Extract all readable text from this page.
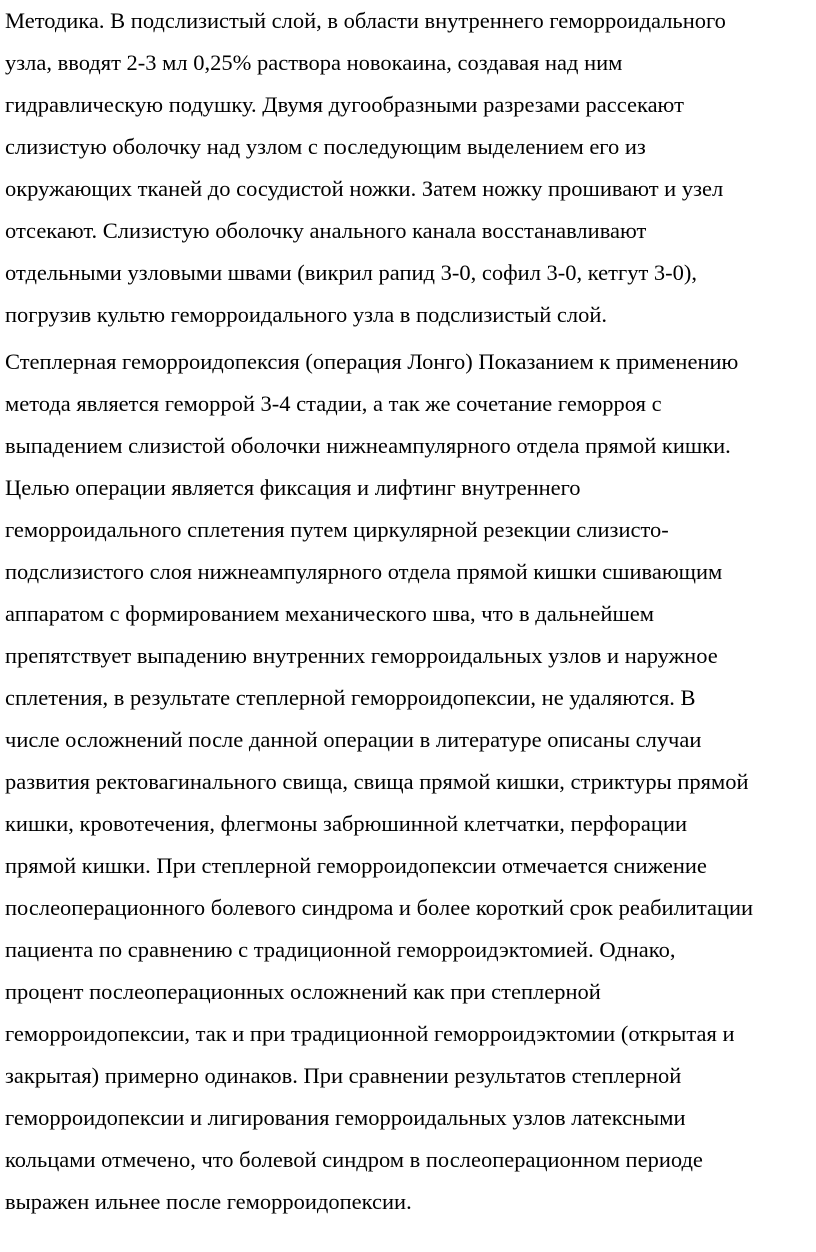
Методика. В подслизистый слой, в области внутреннего геморроидального
узла, вводят 2-3 мл 0,25% раствора новокаина, создавая над ним
гидравлическую подушку. Двумя дугообразными разрезами рассекают
слизистую оболочку над узлом с последующим выделением его из
окружающих тканей до сосудистой ножки. Затем ножку прошивают и узел
отсекают. Слизистую оболочку анального канала восстанавливают
отдельными узловыми швами (викрил рапид 3-0, софил 3-0, кетгут 3-0),
погрузив культю геморроидального узла в подслизистый слой.
Степлерная геморроидопексия (операция Лонго) Показанием к применению
метода является геморрой 3-4 стадии, а так же сочетание геморроя с
выпадением слизистой оболочки нижнеампулярного отдела прямой кишки.
Целью операции является фиксация и лифтинг внутреннего
геморроидального сплетения путем циркулярной резекции слизисто-
подслизистого слоя нижнеампулярного отдела прямой кишки сшивающим
аппаратом с формированием механического шва, что в дальнейшем
препятствует выпадению внутренних геморроидальных узлов и наружное
сплетения, в результате степлерной геморроидопексии, не удаляются. В
числе осложнений после данной операции в литературе описаны случаи
развития ректовагинального свища, свища прямой кишки, стриктуры прямой
кишки, кровотечения, флегмоны забрюшинной клетчатки, перфорации
прямой кишки. При степлерной геморроидопексии отмечается снижение
послеоперационного болевого синдрома и более короткий срок реабилитации
пациента по сравнению с традиционной геморроидэктомией. Однако,
процент послеоперационных осложнений как при степлерной
геморроидопексии, так и при традиционной геморроидэктомии (открытая и
закрытая) примерно одинаков. При сравнении результатов степлерной
геморроидопексии и лигирования геморроидальных узлов латексными
кольцами отмечено, что болевой синдром в послеоперационном периоде
выражен ильнее после геморроидопексии.
